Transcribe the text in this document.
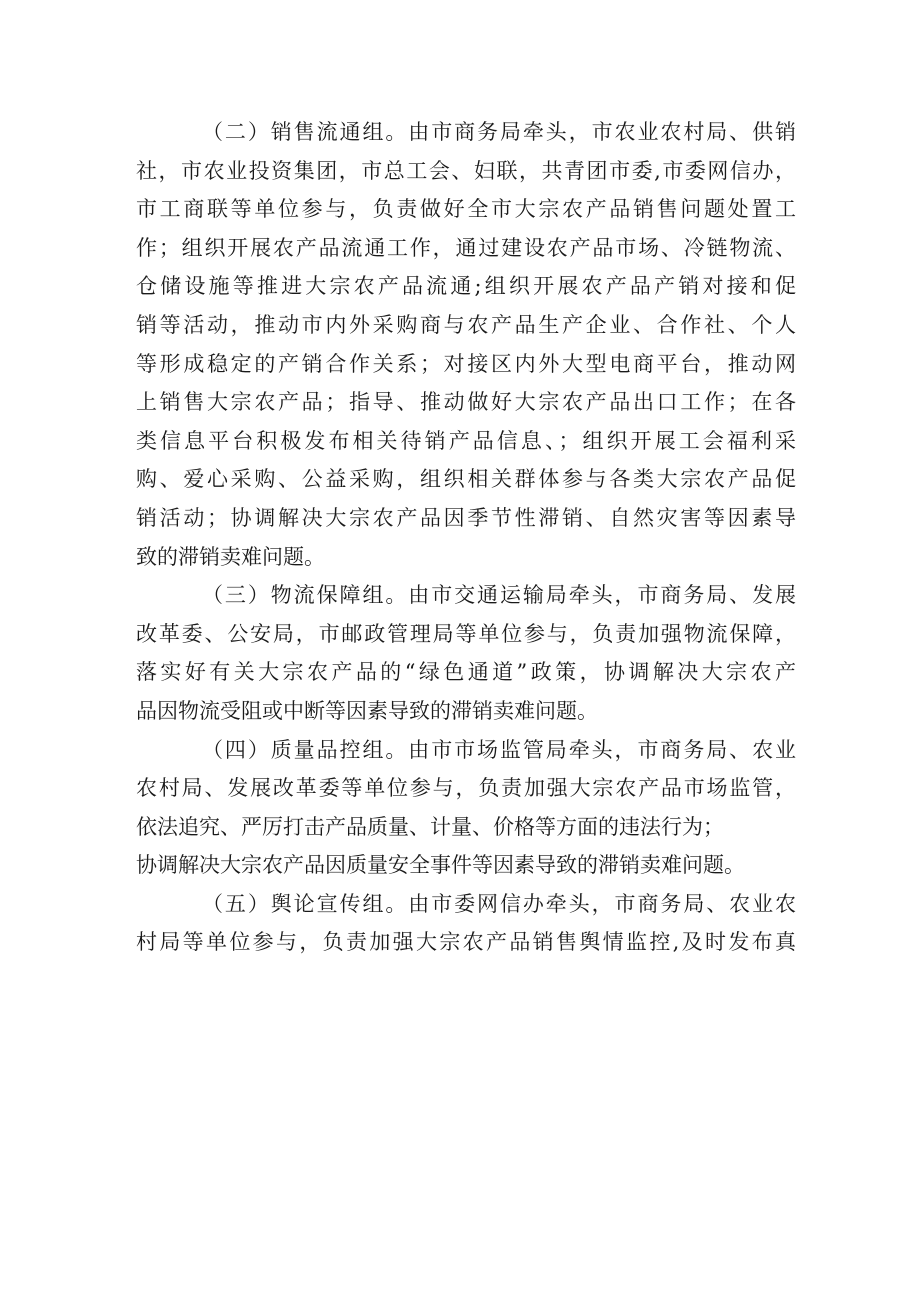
（二）销售流通组。由市商务局牵头，市农业农村局、供销
社，市农业投资集团，市总工会、妇联，共青团市委,市委网信办，
市工商联等单位参与，负责做好全市大宗农产品销售问题处置工
作；组织开展农产品流通工作，通过建设农产品市场、冷链物流、
仓储设施等推进大宗农产品流通;组织开展农产品产销对接和促
销等活动，推动市内外采购商与农产品生产企业、合作社、个人
等形成稳定的产销合作关系；对接区内外大型电商平台，推动网
上销售大宗农产品；指导、推动做好大宗农产品出口工作；在各
类信息平台积极发布相关待销产品信息、；组织开展工会福利采
购、爱心采购、公益采购，组织相关群体参与各类大宗农产品促
销活动；协调解决大宗农产品因季节性滞销、自然灾害等因素导
致的滞销卖难问题。
（三）物流保障组。由市交通运输局牵头，市商务局、发展
改革委、公安局，市邮政管理局等单位参与，负责加强物流保障，
落实好有关大宗农产品的“绿色通道”政策，协调解决大宗农产
品因物流受阻或中断等因素导致的滞销卖难问题。
（四）质量品控组。由市市场监管局牵头，市商务局、农业
农村局、发展改革委等单位参与，负责加强大宗农产品市场监管，
依法追究、严厉打击产品质量、计量、价格等方面的违法行为；
协调解决大宗农产品因质量安全事件等因素导致的滞销卖难问题。
（五）舆论宣传组。由市委网信办牵头，市商务局、农业农
村局等单位参与，负责加强大宗农产品销售舆情监控,及时发布真
